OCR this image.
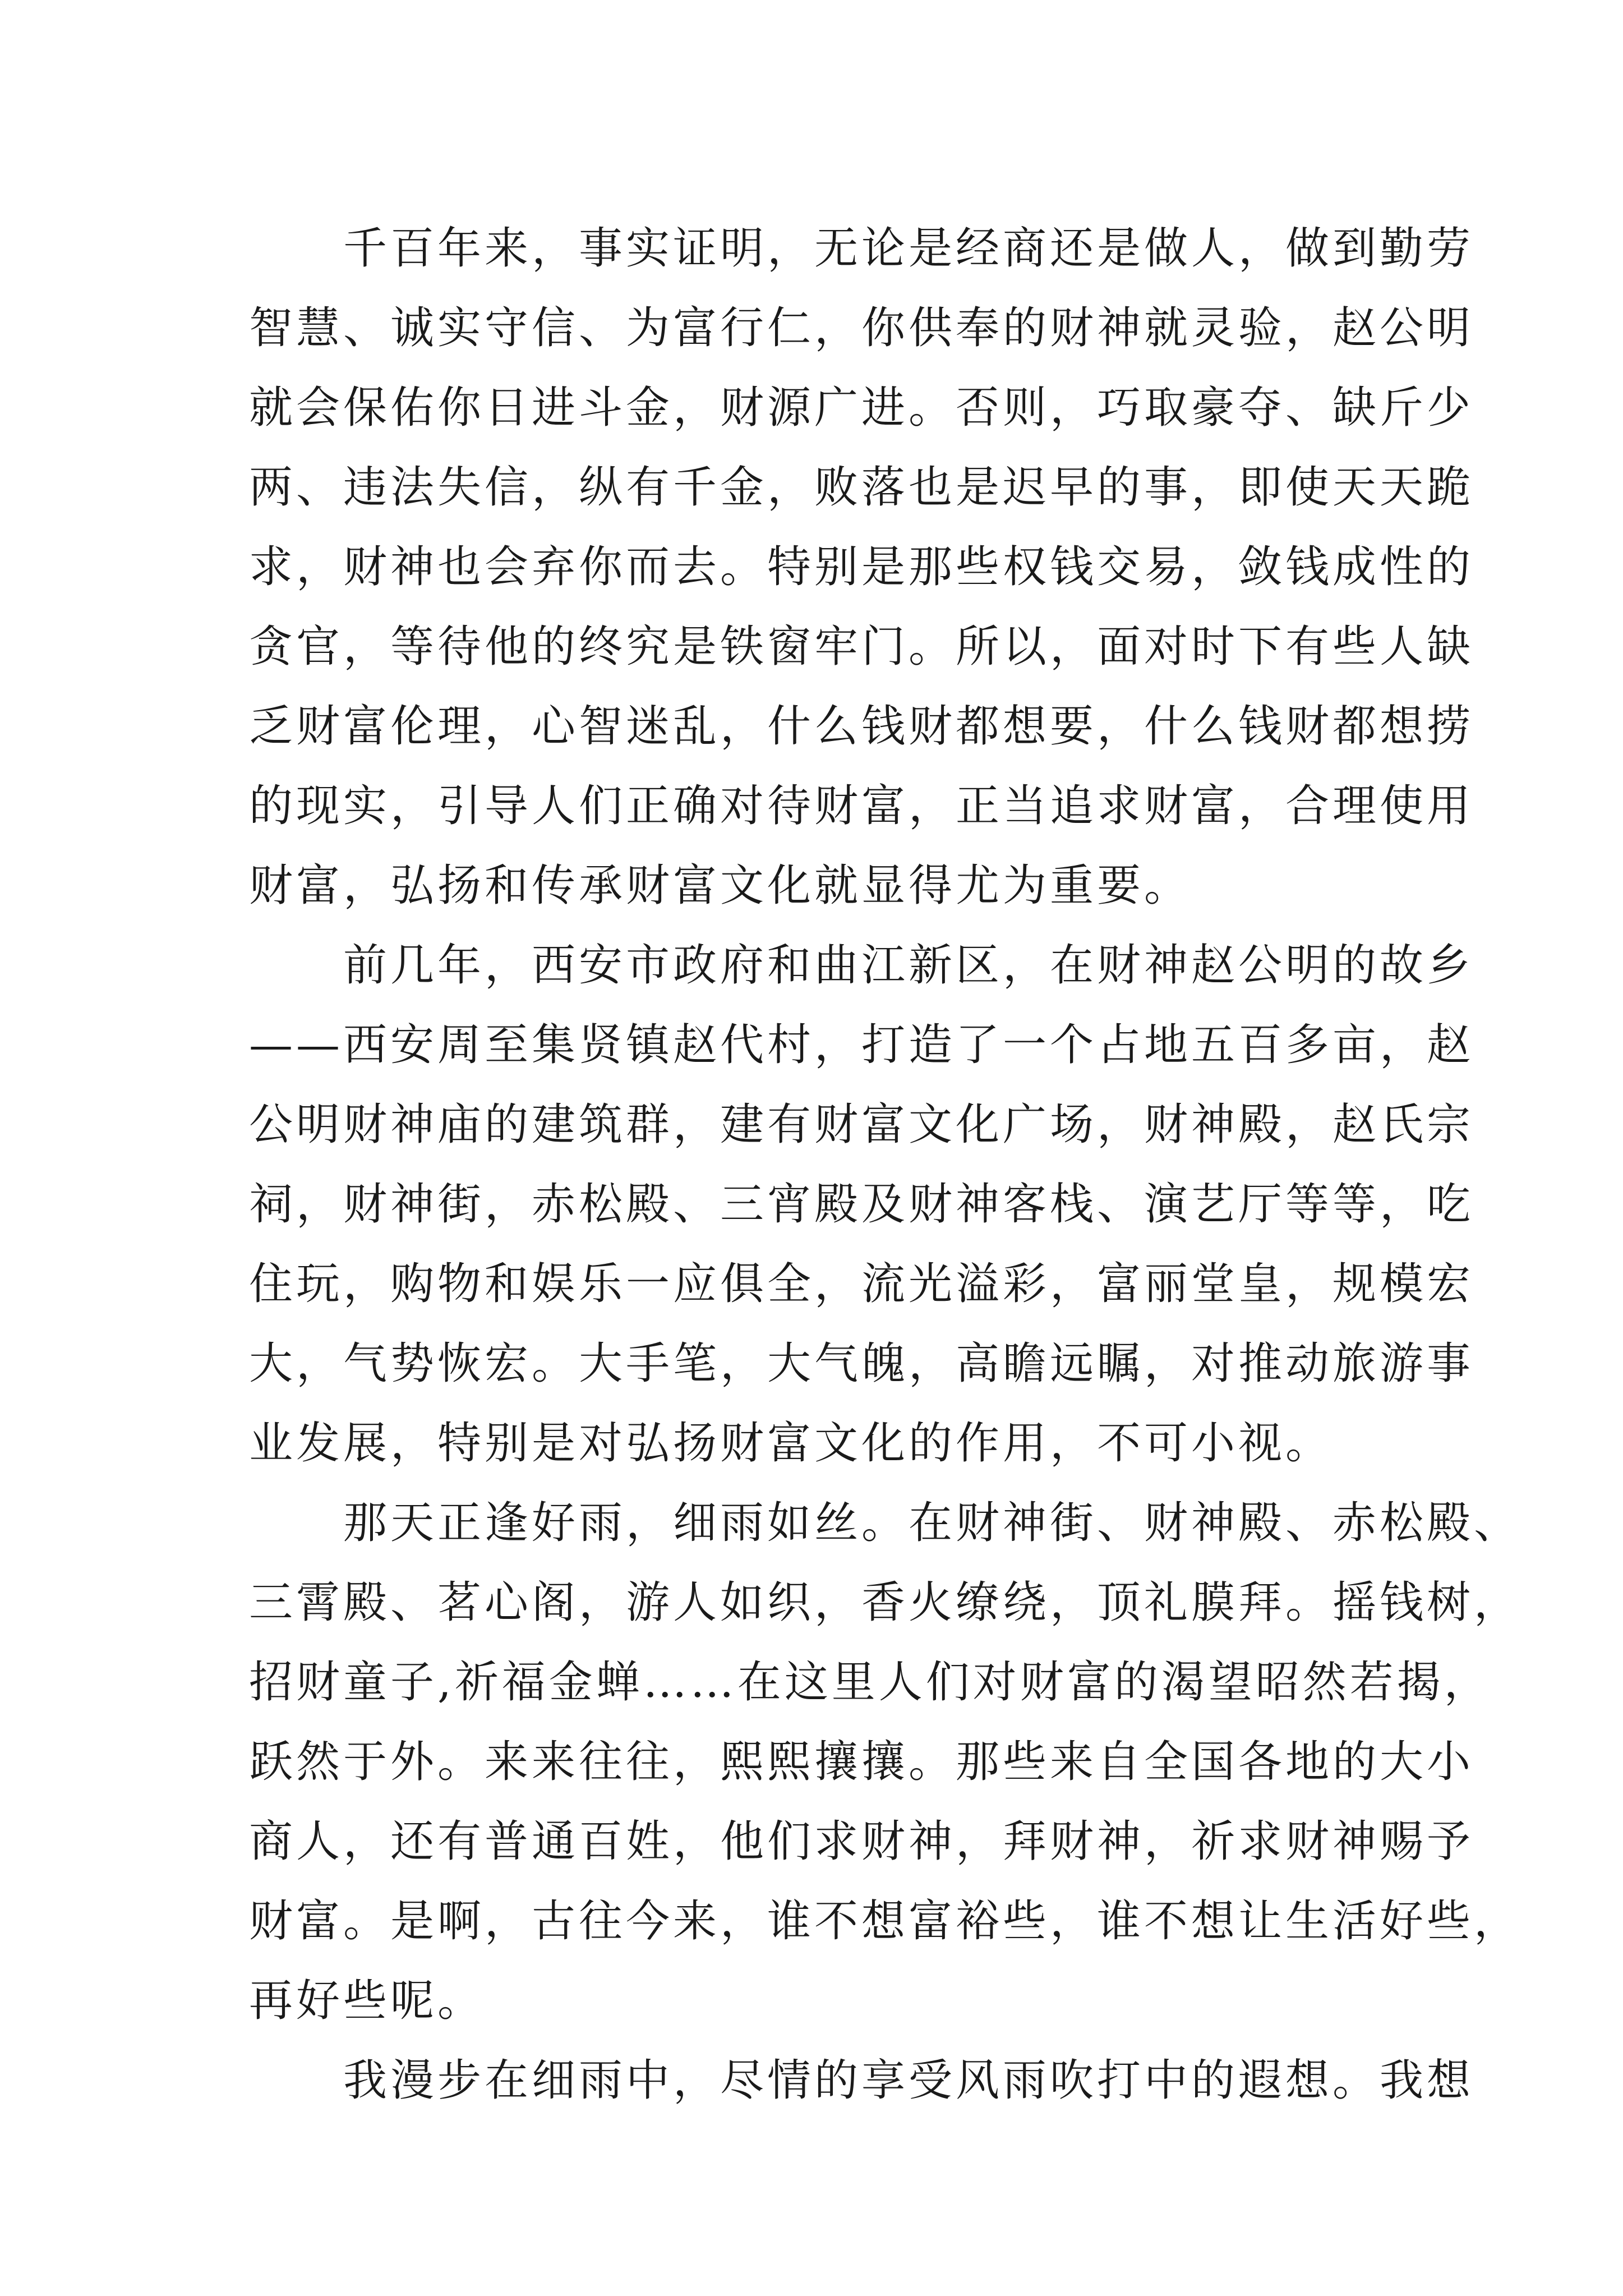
　　千百年来，事实证明，无论是经商还是做人，做到勤劳
智慧、诚实守信、为富行仁，你供奉的财神就灵验，赵公明
就会保佑你日进斗金，财源广进。否则，巧取豪夺、缺斤少
两、违法失信，纵有千金，败落也是迟早的事，即使天天跪
求，财神也会弃你而去。特别是那些权钱交易，敛钱成性的
贪官，等待他的终究是铁窗牢门。所以，面对时下有些人缺
乏财富伦理，心智迷乱，什么钱财都想要，什么钱财都想捞
的现实，引导人们正确对待财富，正当追求财富，合理使用
财富，弘扬和传承财富文化就显得尤为重要。
　　前几年，西安市政府和曲江新区，在财神赵公明的故乡
——西安周至集贤镇赵代村，打造了一个占地五百多亩，赵
公明财神庙的建筑群，建有财富文化广场，财神殿，赵氏宗
祠，财神街，赤松殿、三宵殿及财神客栈、演艺厅等等，吃
住玩，购物和娱乐一应俱全，流光溢彩，富丽堂皇，规模宏
大，气势恢宏。大手笔，大气魄，高瞻远瞩，对推动旅游事
业发展，特别是对弘扬财富文化的作用，不可小视。
　　那天正逢好雨，细雨如丝。在财神街、财神殿、赤松殿、
三霄殿、茗心阁，游人如织，香火缭绕，顶礼膜拜。摇钱树，
招财童子,祈福金蝉……在这里人们对财富的渴望昭然若揭，
跃然于外。来来往往，熙熙攘攘。那些来自全国各地的大小
商人，还有普通百姓，他们求财神，拜财神，祈求财神赐予
财富。是啊，古往今来，谁不想富裕些，谁不想让生活好些，
再好些呢。
　　我漫步在细雨中，尽情的享受风雨吹打中的遐想。我想
